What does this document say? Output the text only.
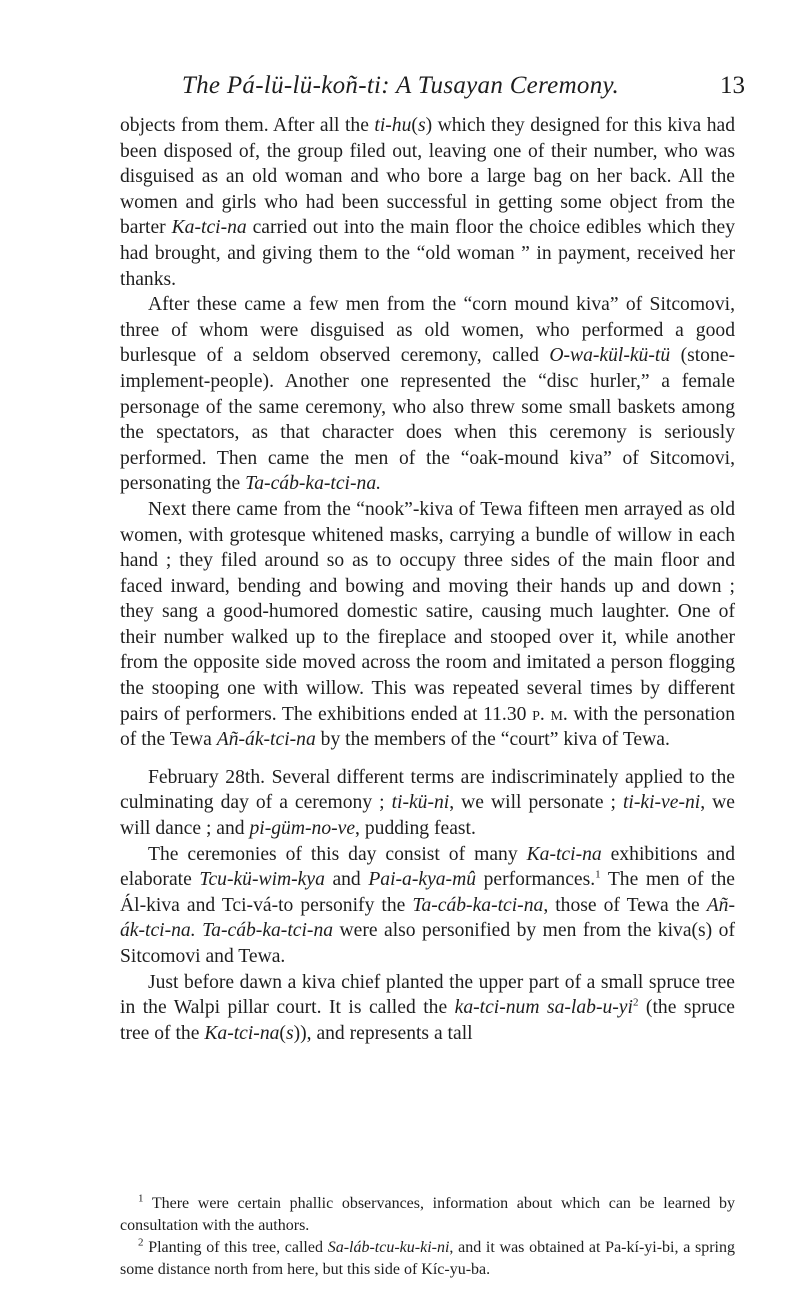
The Pá-lü-lü-koñ-ti: A Tusayan Ceremony.	13

objects from them. After all the ti-hu(s) which they designed for this kiva had been disposed of, the group filed out, leaving one of their number, who was disguised as an old woman and who bore a large bag on her back. All the women and girls who had been successful in getting some object from the barter Ka-tci-na carried out into the main floor the choice edibles which they had brought, and giving them to the “old woman ” in payment, received her thanks.

After these came a few men from the “corn mound kiva” of Sitcomovi, three of whom were disguised as old women, who performed a good burlesque of a seldom observed ceremony, called O-wa-kül-kü-tü (stone-implement-people). Another one represented the “disc hurler,” a female personage of the same ceremony, who also threw some small baskets among the spectators, as that character does when this ceremony is seriously performed. Then came the men of the “oak-mound kiva” of Sitcomovi, personating the Ta-cáb-ka-tci-na.

Next there came from the “nook”-kiva of Tewa fifteen men arrayed as old women, with grotesque whitened masks, carrying a bundle of willow in each hand ; they filed around so as to occupy three sides of the main floor and faced inward, bending and bowing and moving their hands up and down ; they sang a good-humored domestic satire, causing much laughter. One of their number walked up to the fireplace and stooped over it, while another from the opposite side moved across the room and imitated a person flogging the stooping one with willow. This was repeated several times by different pairs of performers. The exhibitions ended at 11.30 p. m. with the personation of the Tewa Añ-ák-tci-na by the members of the “court” kiva of Tewa.

February 28th. Several different terms are indiscriminately applied to the culminating day of a ceremony ; ti-kü-ni, we will personate ; ti-ki-ve-ni, we will dance ; and pi-güm-no-ve, pudding feast.

The ceremonies of this day consist of many Ka-tci-na exhibitions and elaborate Tcu-kü-wim-kya and Pai-a-kya-mû performances.$^1$ The men of the Ál-kiva and Tci-vá-to personify the Ta-cáb-ka-tci-na, those of Tewa the Añ-ák-tci-na. Ta-cáb-ka-tci-na were also personified by men from the kiva(s) of Sitcomovi and Tewa.

Just before dawn a kiva chief planted the upper part of a small spruce tree in the Walpi pillar court. It is called the ka-tci-num $sa-lab-u-yi^2$ (the spruce tree of the Ka-tci-na(s)), and represents a tall

$^1$ There were certain phallic observances, information about which can be learned by consultation with the authors.

$^2$ Planting of this tree, called Sa-láb-tcu-ku-ki-ni, and it was obtained at Pa-kí-yi-bi, a spring some distance north from here, but this side of Kíc-yu-ba.
